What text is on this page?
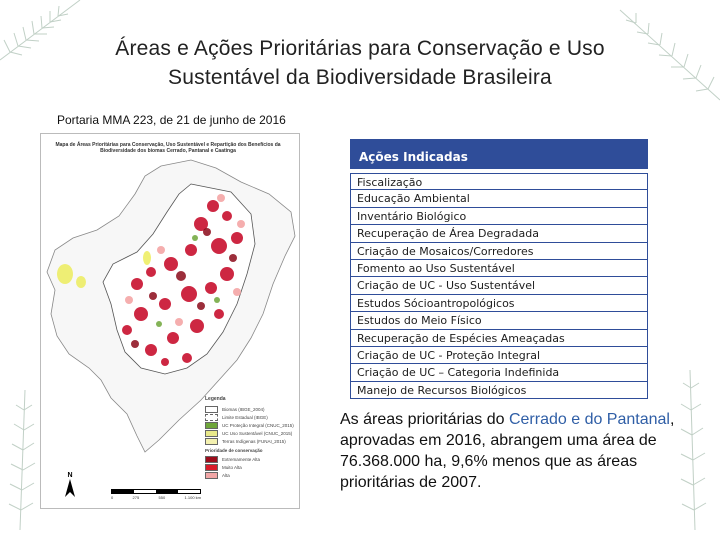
Áreas e Ações Prioritárias para Conservação e Uso
Sustentável da Biodiversidade Brasileira
Portaria MMA 223, de 21 de junho de 2016
Mapa de Áreas Prioritárias para Conservação, Uso Sustentável e Repartição dos Benefícios da Biodiversidade dos biomas Cerrado, Pantanal e Caatinga
Legenda
Biomas (IBGE_2004)
Limite Estadual (IBGE)
UC Proteção Integral (CNUC_2015)
UC Uso Sustentável (CNUC_2015)
Terras Indígenas (FUNAI_2015)
Prioridade de conservação
Extremamente Alta
Muito Alta
Alta
N
0	275	550	1.100 km
Ações Indicadas
Fiscalização
Educação Ambiental
Inventário Biológico
Recuperação de Área Degradada
Criação de Mosaicos/Corredores
Fomento ao Uso Sustentável
Criação de UC - Uso Sustentável
Estudos Sócioantropológicos
Estudos do Meio Físico
Recuperação de Espécies Ameaçadas
Criação de UC - Proteção Integral
Criação de UC – Categoria Indefinida
Manejo de Recursos Biológicos
As áreas prioritárias do Cerrado e do Pantanal, aprovadas em 2016, abrangem uma área de 76.368.000 ha, 9,6% menos que as áreas prioritárias de 2007.
